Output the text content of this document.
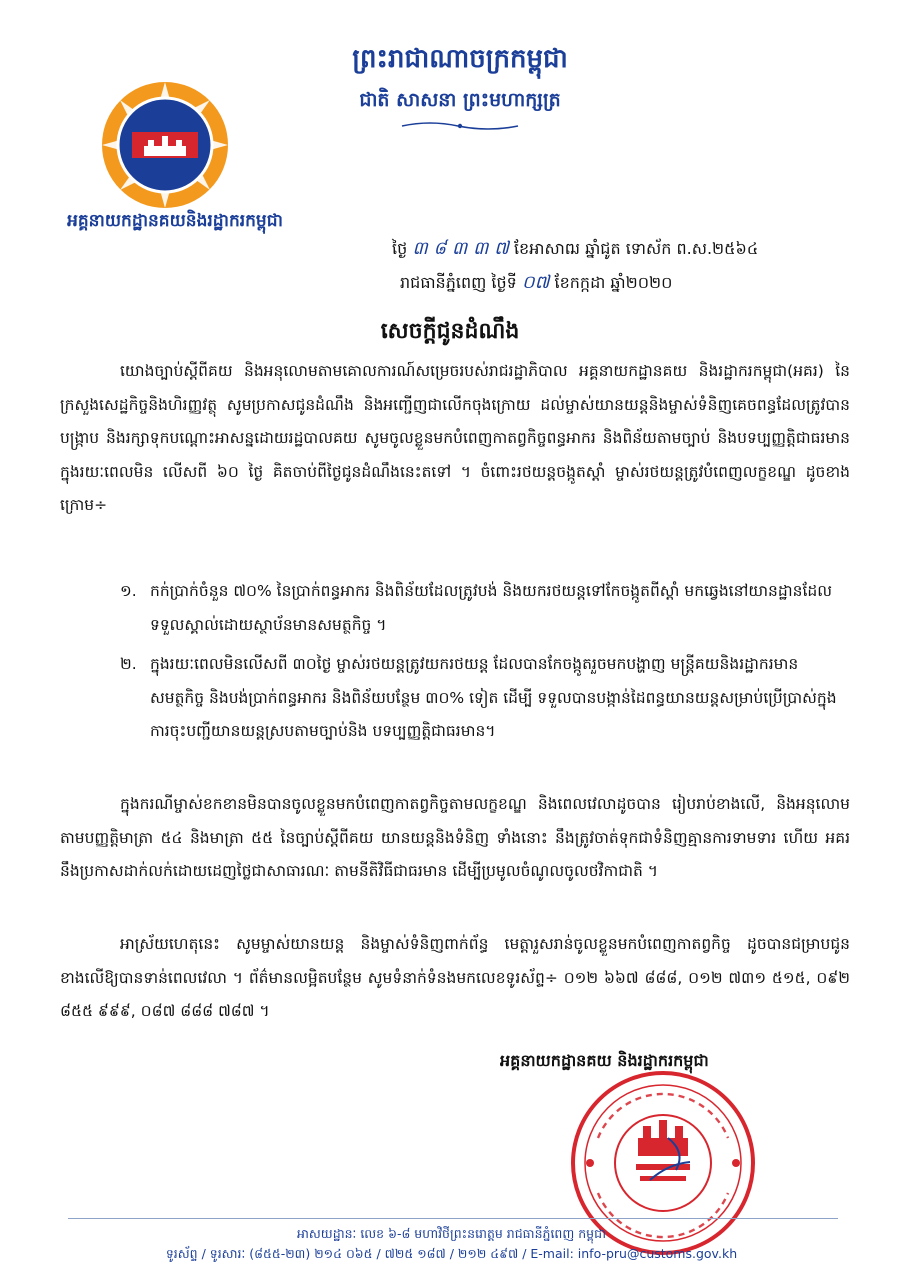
ព្រះរាជាណាចក្រកម្ពុជា
ជាតិ សាសនា ព្រះមហាក្សត្រ
អគ្គនាយកដ្ឋានគយនិងរដ្ឋាករកម្ពុជា
ថ្ងៃ ៣ ៨ ៣ ៣ ៧ ខែអាសាឍ ឆ្នាំជូត ទោស័ក ព.ស.២៥៦៤
រាជធានីភ្នំពេញ ថ្ងៃទី ០៧ ខែកក្កដា ឆ្នាំ២០២០
សេចក្តីជូនដំណឹង
យោងច្បាប់ស្តីពីគយ និងអនុលោមតាមគោលការណ៍សម្រេចរបស់រាជរដ្ឋាភិបាល អគ្គនាយកដ្ឋានគយ និងរដ្ឋាករកម្ពុជា(អគរ) នៃក្រសួងសេដ្ឋកិច្ចនិងហិរញ្ញវត្ថុ សូមប្រកាសជូនដំណឹង និងអញ្ជើញជាលើកចុងក្រោយ ដល់ម្ចាស់យានយន្តនិងម្ចាស់ទំនិញគេចពន្ធដែលត្រូវបានបង្ក្រាប និងរក្សាទុកបណ្តោះអាសន្នដោយរដ្ឋបាលគយ សូមចូលខ្លួនមកបំពេញកាតព្វកិច្ចពន្ធអាករ និងពិន័យតាមច្បាប់ និងបទប្បញ្ញត្តិជាធរមាន ក្នុងរយៈពេលមិន លើសពី ៦០ ថ្ងៃ គិតចាប់ពីថ្ងៃជូនដំណឹងនេះតទៅ ។ ចំពោះរថយន្តចង្កូតស្តាំ ម្ចាស់រថយន្តត្រូវបំពេញលក្ខខណ្ឌ ដូចខាងក្រោម÷
១. កក់ប្រាក់ចំនួន ៧០% នៃប្រាក់ពន្ធអាករ និងពិន័យដែលត្រូវបង់ និងយករថយន្តទៅកែចង្កូតពីស្តាំ មកឆ្វេងនៅយានដ្ឋានដែលទទួលស្គាល់ដោយស្ថាប័នមានសមត្ថកិច្ច ។
២. ក្នុងរយៈពេលមិនលើសពី ៣០ថ្ងៃ ម្ចាស់រថយន្តត្រូវយករថយន្ត ដែលបានកែចង្កូតរួចមកបង្ហាញ មន្ត្រីគយនិងរដ្ឋាករមានសមត្ថកិច្ច និងបង់ប្រាក់ពន្ធអាករ និងពិន័យបន្ថែម ៣០% ទៀត ដើម្បី ទទួលបានបង្កាន់ដៃពន្ធយានយន្តសម្រាប់ប្រើប្រាស់ក្នុងការចុះបញ្ជីយានយន្តស្របតាមច្បាប់និង បទប្បញ្ញត្តិជាធរមាន។
ក្នុងករណីម្ចាស់ខកខានមិនបានចូលខ្លួនមកបំពេញកាតព្វកិច្ចតាមលក្ខខណ្ឌ និងពេលវេលាដូចបាន រៀបរាប់ខាងលើ, និងអនុលោមតាមបញ្ញត្តិមាត្រា ៥៤ និងមាត្រា ៥៥ នៃច្បាប់ស្តីពីគយ យានយន្តនិងទំនិញ ទាំងនោះ នឹងត្រូវចាត់ទុកជាទំនិញគ្មានការទាមទារ ហើយ អគរ នឹងប្រកាសដាក់លក់ដោយដេញថ្លៃជាសាធារណៈ តាមនីតិវិធីជាធរមាន ដើម្បីប្រមូលចំណូលចូលថវិកាជាតិ ។
អាស្រ័យហេតុនេះ សូមម្ចាស់យានយន្ត និងម្ចាស់ទំនិញពាក់ព័ន្ធ មេត្តារួសរាន់ចូលខ្លួនមកបំពេញកាតព្វកិច្ច ដូចបានជម្រាបជូនខាងលើឱ្យបានទាន់ពេលវេលា ។ ព័ត៌មានលម្អិតបន្ថែម សូមទំនាក់ទំនងមកលេខទូរស័ព្ទ÷ ០១២ ៦៦៧ ៨៨៨, ០១២ ៧៣១ ៥១៥, ០៩២ ៨៥៥ ៩៩៩, ០៨៧ ៨៨៨ ៧៨៧ ។
អគ្គនាយកដ្ឋានគយ និងរដ្ឋាករកម្ពុជា
អាសយដ្ឋានៈ លេខ ៦-៨ មហាវិថីព្រះនរោត្តម រាជធានីភ្នំពេញ កម្ពុជា
ទូរស័ព្ទ / ទូរសារៈ (៨៥៥-២៣) ២១៤ ០៦៥ / ៧២៥ ១៨៧ / ២១២ ៤៩៧ / E-mail: info-pru@customs.gov.kh
